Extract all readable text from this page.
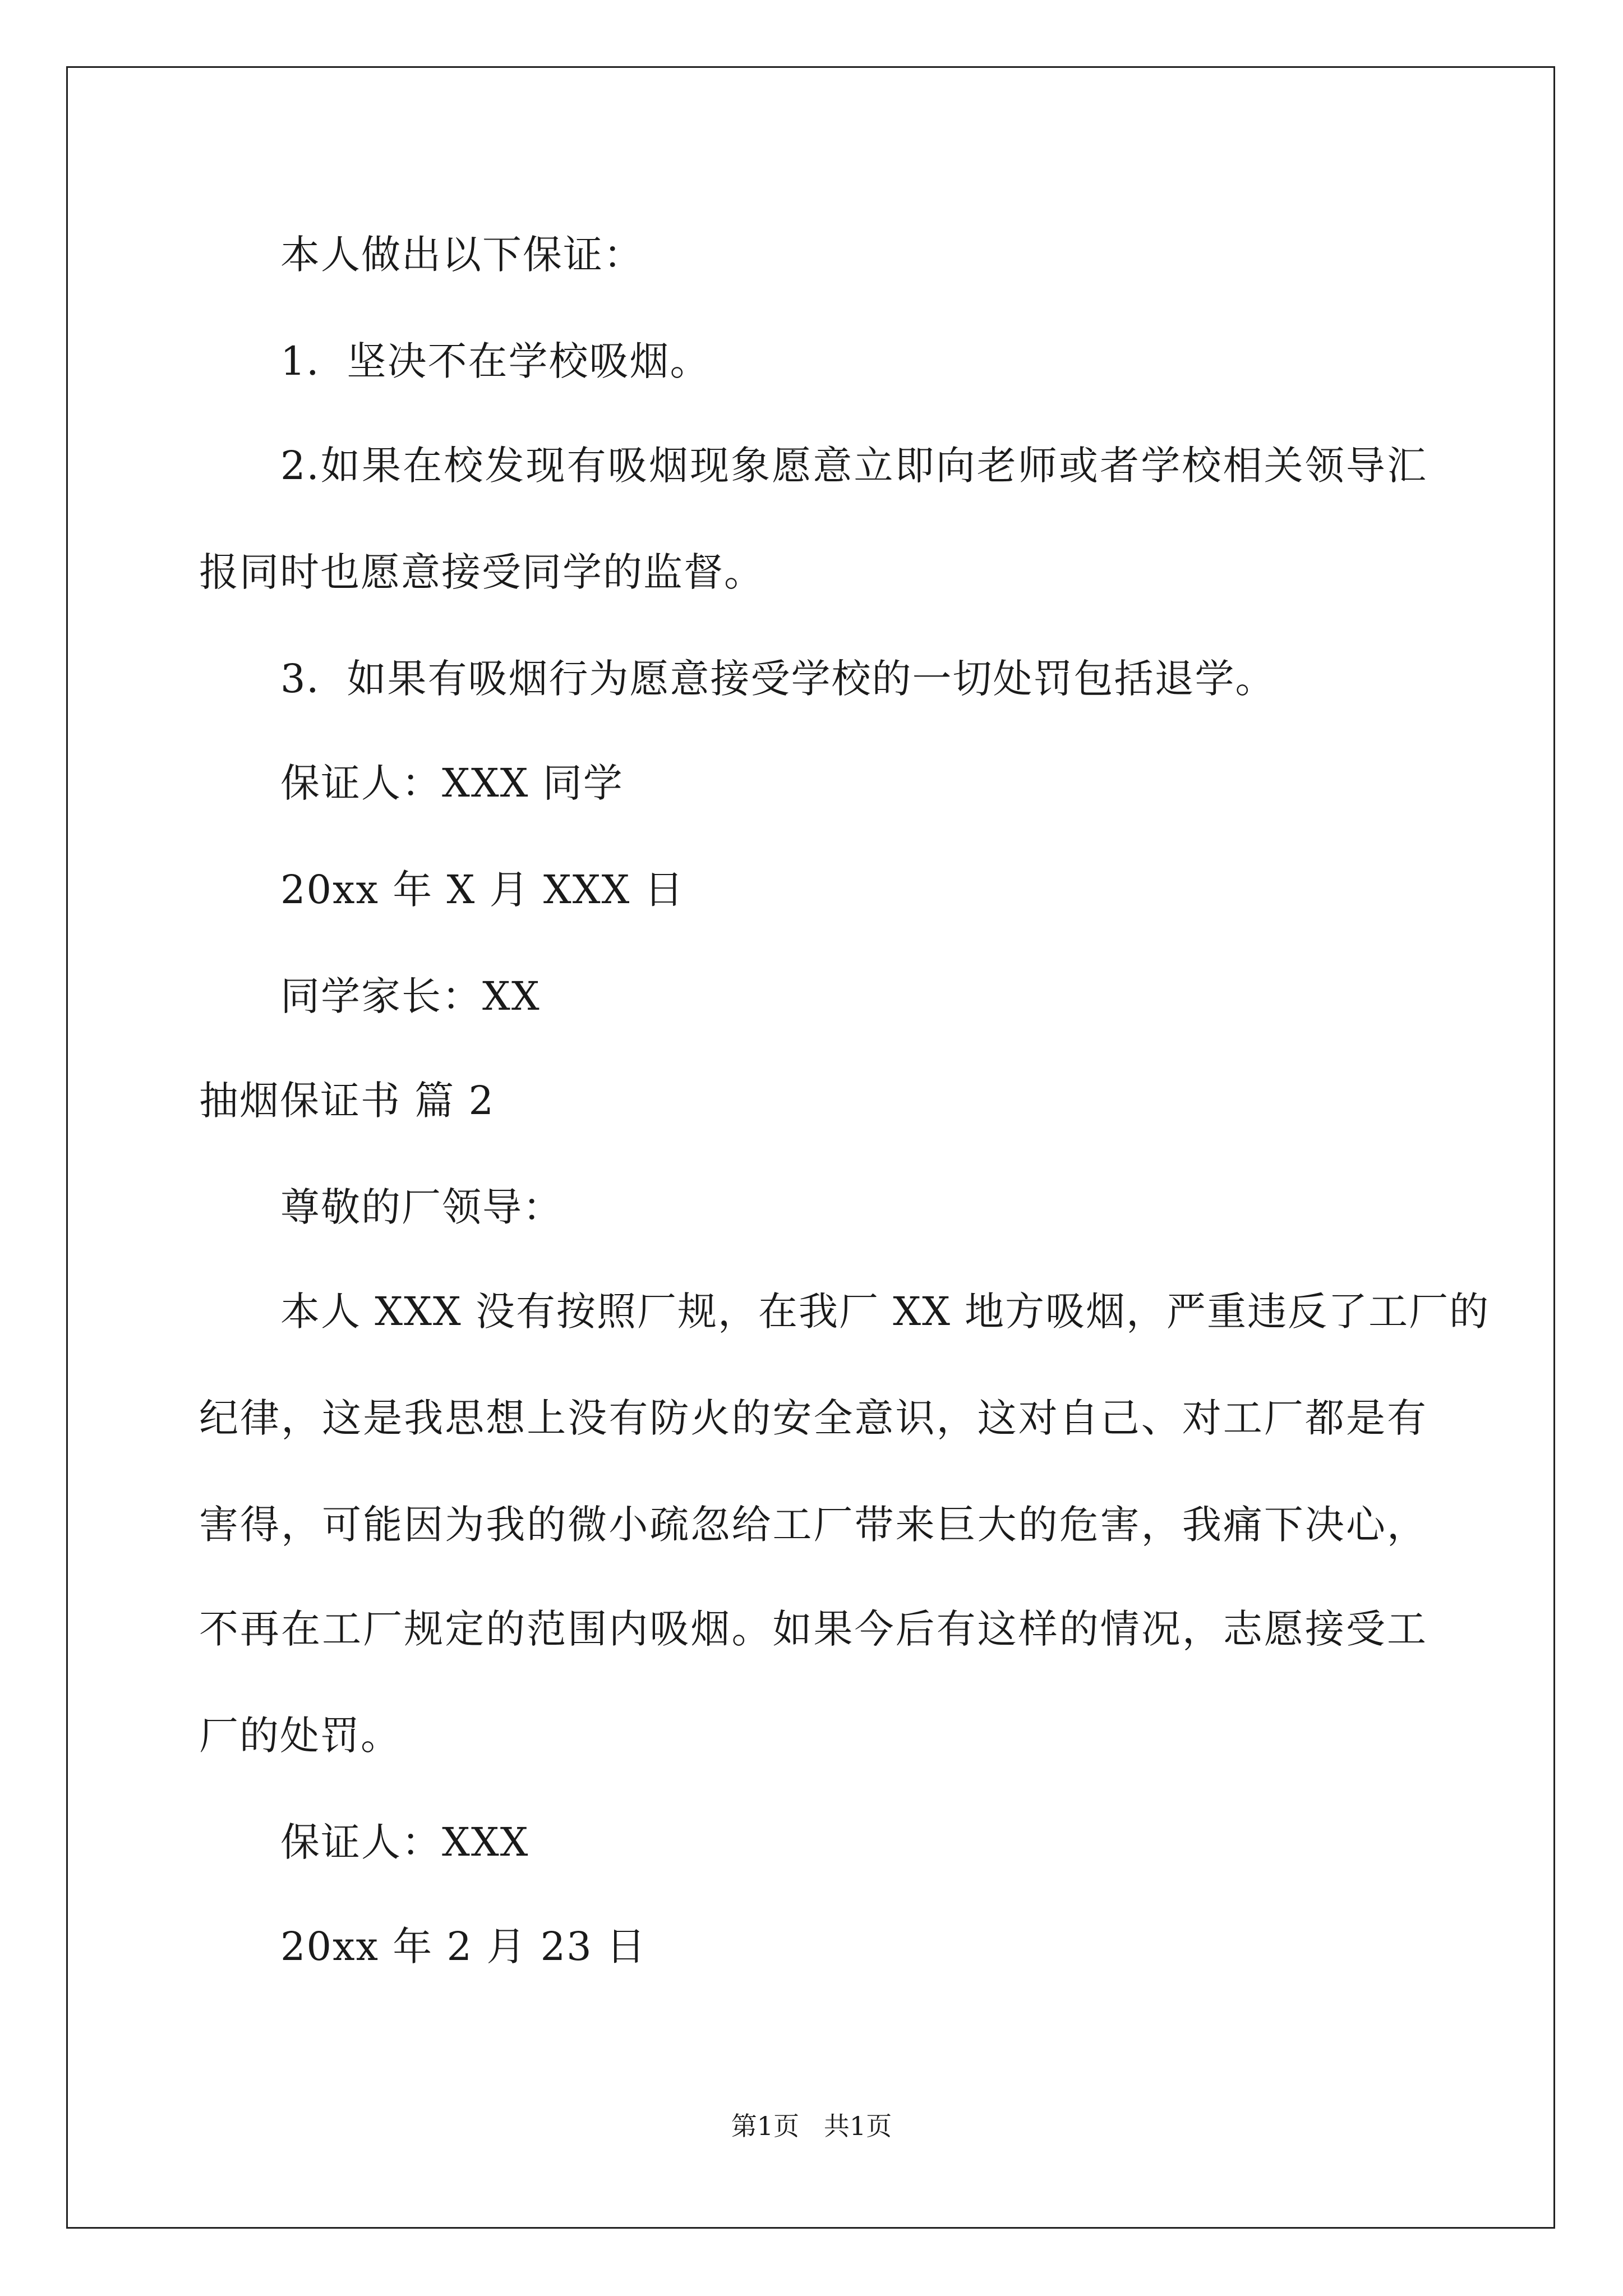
本人做出以下保证：
1．坚决不在学校吸烟。
2.如果在校发现有吸烟现象愿意立即向老师或者学校相关领导汇
报同时也愿意接受同学的监督。
3．如果有吸烟行为愿意接受学校的一切处罚包括退学。
保证人：XXX 同学
20xx 年 X 月 XXX 日
同学家长：XX
抽烟保证书 篇 2
尊敬的厂领导：
本人 XXX 没有按照厂规，在我厂 XX 地方吸烟，严重违反了工厂的
纪律，这是我思想上没有防火的安全意识，这对自己、对工厂都是有
害得，可能因为我的微小疏忽给工厂带来巨大的危害，我痛下决心，
不再在工厂规定的范围内吸烟。如果今后有这样的情况，志愿接受工
厂的处罚。
保证人：XXX
20xx 年 2 月 23 日
第1页   共1页
